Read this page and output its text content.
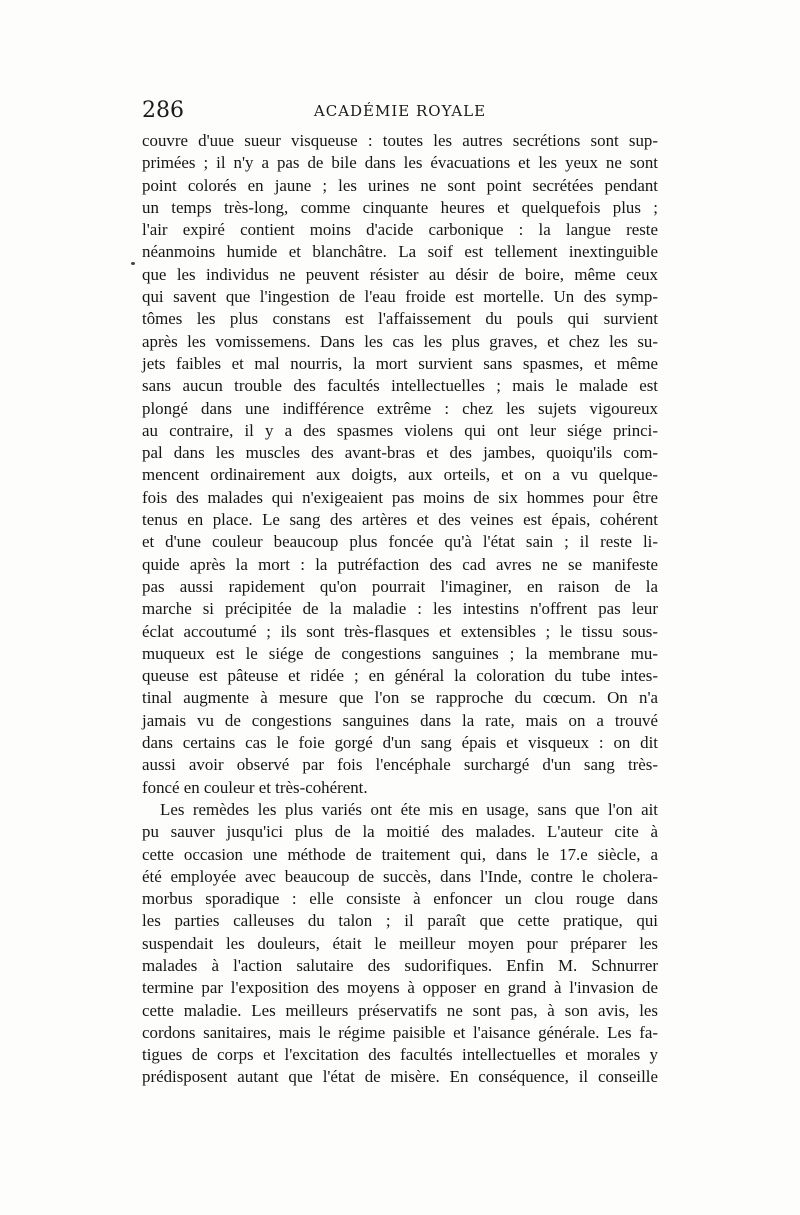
286	ACADÉMIE ROYALE
couvre d'uue sueur visqueuse : toutes les autres secrétions sont sup-
primées ; il n'y a pas de bile dans les évacuations et les yeux ne sont
point colorés en jaune ; les urines ne sont point secrétées pendant
un temps très-long, comme cinquante heures et quelquefois plus ;
l'air expiré contient moins d'acide carbonique : la langue reste
néanmoins humide et blanchâtre. La soif est tellement inextinguible
que les individus ne peuvent résister au désir de boire, même ceux
qui savent que l'ingestion de l'eau froide est mortelle. Un des symp-
tômes les plus constans est l'affaissement du pouls qui survient
après les vomissemens. Dans les cas les plus graves, et chez les su-
jets faibles et mal nourris, la mort survient sans spasmes, et même
sans aucun trouble des facultés intellectuelles ; mais le malade est
plongé dans une indifférence extrême : chez les sujets vigoureux
au contraire, il y a des spasmes violens qui ont leur siége princi-
pal dans les muscles des avant-bras et des jambes, quoiqu'ils com-
mencent ordinairement aux doigts, aux orteils, et on a vu quelque-
fois des malades qui n'exigeaient pas moins de six hommes pour être
tenus en place. Le sang des artères et des veines est épais, cohérent
et d'une couleur beaucoup plus foncée qu'à l'état sain ; il reste li-
quide après la mort : la putréfaction des cad avres ne se manifeste
pas aussi rapidement qu'on pourrait l'imaginer, en raison de la
marche si précipitée de la maladie : les intestins n'offrent pas leur
éclat accoutumé ; ils sont très-flasques et extensibles ; le tissu sous-
muqueux est le siége de congestions sanguines ; la membrane mu-
queuse est pâteuse et ridée ; en général la coloration du tube intes-
tinal augmente à mesure que l'on se rapproche du cœcum. On n'a
jamais vu de congestions sanguines dans la rate, mais on a trouvé
dans certains cas le foie gorgé d'un sang épais et visqueux : on dit
aussi avoir observé par fois l'encéphale surchargé d'un sang très-
foncé en couleur et très-cohérent.
Les remèdes les plus variés ont éte mis en usage, sans que l'on ait
pu sauver jusqu'ici plus de la moitié des malades. L'auteur cite à
cette occasion une méthode de traitement qui, dans le 17.e siècle, a
été employée avec beaucoup de succès, dans l'Inde, contre le cholera-
morbus sporadique : elle consiste à enfoncer un clou rouge dans
les parties calleuses du talon ; il paraît que cette pratique, qui
suspendait les douleurs, était le meilleur moyen pour préparer les
malades à l'action salutaire des sudorifiques. Enfin M. Schnurrer
termine par l'exposition des moyens à opposer en grand à l'invasion de
cette maladie. Les meilleurs préservatifs ne sont pas, à son avis, les
cordons sanitaires, mais le régime paisible et l'aisance générale. Les fa-
tigues de corps et l'excitation des facultés intellectuelles et morales y
prédisposent autant que l'état de misère. En conséquence, il conseille
